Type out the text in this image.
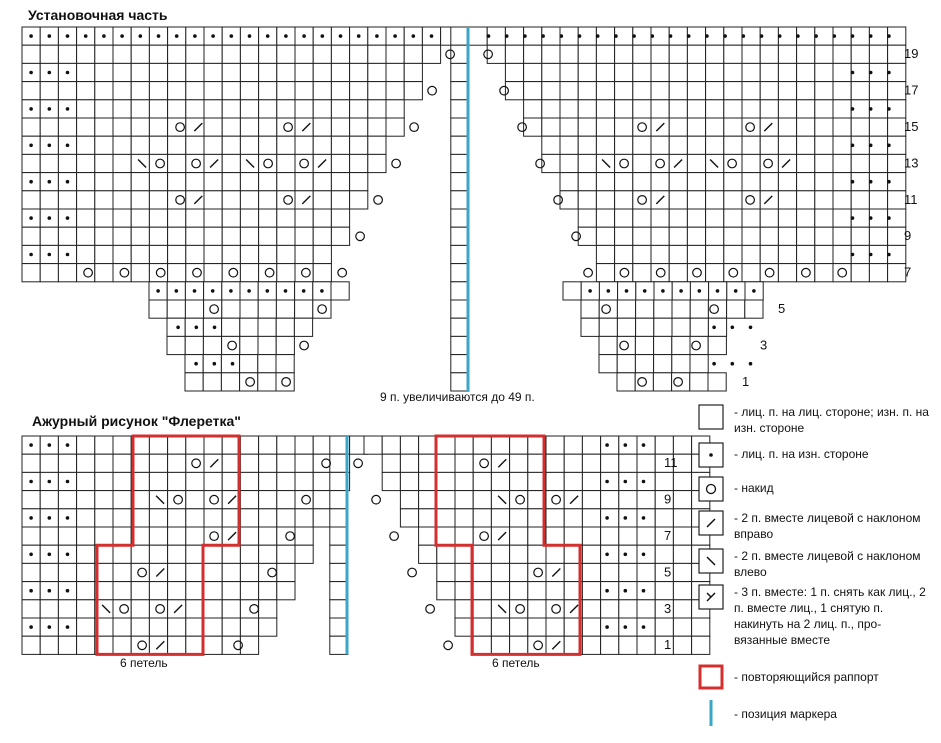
Установочная часть
Ажурный рисунок "Флеретка"
19
17
15
13
11
9
7
5
3
1
11
9
7
5
3
1
9 п. увеличиваются до 49 п.
6 петель	6 петель
- лиц. п. на лиц. стороне; изн. п. на изн. стороне
- лиц. п. на изн. стороне
- накид
- 2 п. вместе лицевой с наклоном вправо
- 2 п. вместе лицевой с наклоном влево
- 3 п. вместе: 1 п. снять как лиц., 2 п. вместе лиц., 1 снятую п. накинуть на 2 лиц. п., про- вязанные вместе
- повторяющийся раппорт
- позиция маркера
